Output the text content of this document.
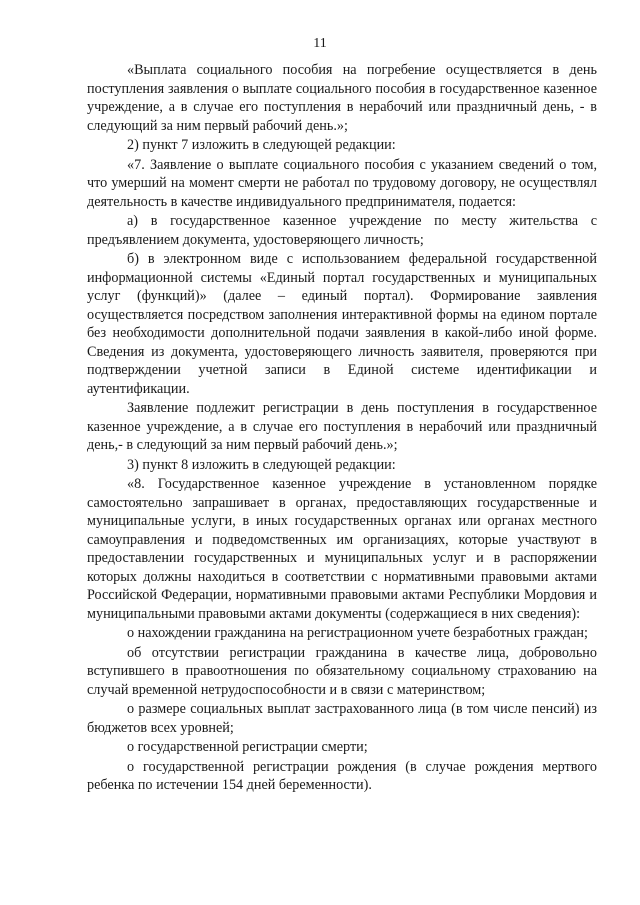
11

«Выплата социального пособия на погребение осуществляется в день поступления заявления о выплате социального пособия в государственное казенное учреждение, а в случае его поступления в нерабочий или праздничный день, - в следующий за ним первый рабочий день.»;

2) пункт 7 изложить в следующей редакции:

«7. Заявление о выплате социального пособия с указанием сведений о том, что умерший на момент смерти не работал по трудовому договору, не осуществлял деятельность в качестве индивидуального предпринимателя, подается:

а) в государственное казенное учреждение по месту жительства с предъявлением документа, удостоверяющего личность;

б) в электронном виде с использованием федеральной государственной информационной системы «Единый портал государственных и муниципальных услуг (функций)» (далее – единый портал). Формирование заявления осуществляется посредством заполнения интерактивной формы на едином портале без необходимости дополнительной подачи заявления в какой-либо иной форме. Сведения из документа, удостоверяющего личность заявителя, проверяются при подтверждении учетной записи в Единой системе идентификации и аутентификации.

Заявление подлежит регистрации в день поступления в государственное казенное учреждение, а в случае его поступления в нерабочий или праздничный день,- в следующий за ним первый рабочий день.»;

3) пункт 8 изложить в следующей редакции:

«8. Государственное казенное учреждение в установленном порядке самостоятельно запрашивает в органах, предоставляющих государственные и муниципальные услуги, в иных государственных органах или органах местного самоуправления и подведомственных им организациях, которые участвуют в предоставлении государственных и муниципальных услуг и в распоряжении которых должны находиться в соответствии с нормативными правовыми актами Российской Федерации, нормативными правовыми актами Республики Мордовия и муниципальными правовыми актами документы (содержащиеся в них сведения):

о нахождении гражданина на регистрационном учете безработных граждан;

об отсутствии регистрации гражданина в качестве лица, добровольно вступившего в правоотношения по обязательному социальному страхованию на случай временной нетрудоспособности и в связи с материнством;

о размере социальных выплат застрахованного лица (в том числе пенсий) из бюджетов всех уровней;

о государственной регистрации смерти;

о государственной регистрации рождения (в случае рождения мертвого ребенка по истечении 154 дней беременности).
